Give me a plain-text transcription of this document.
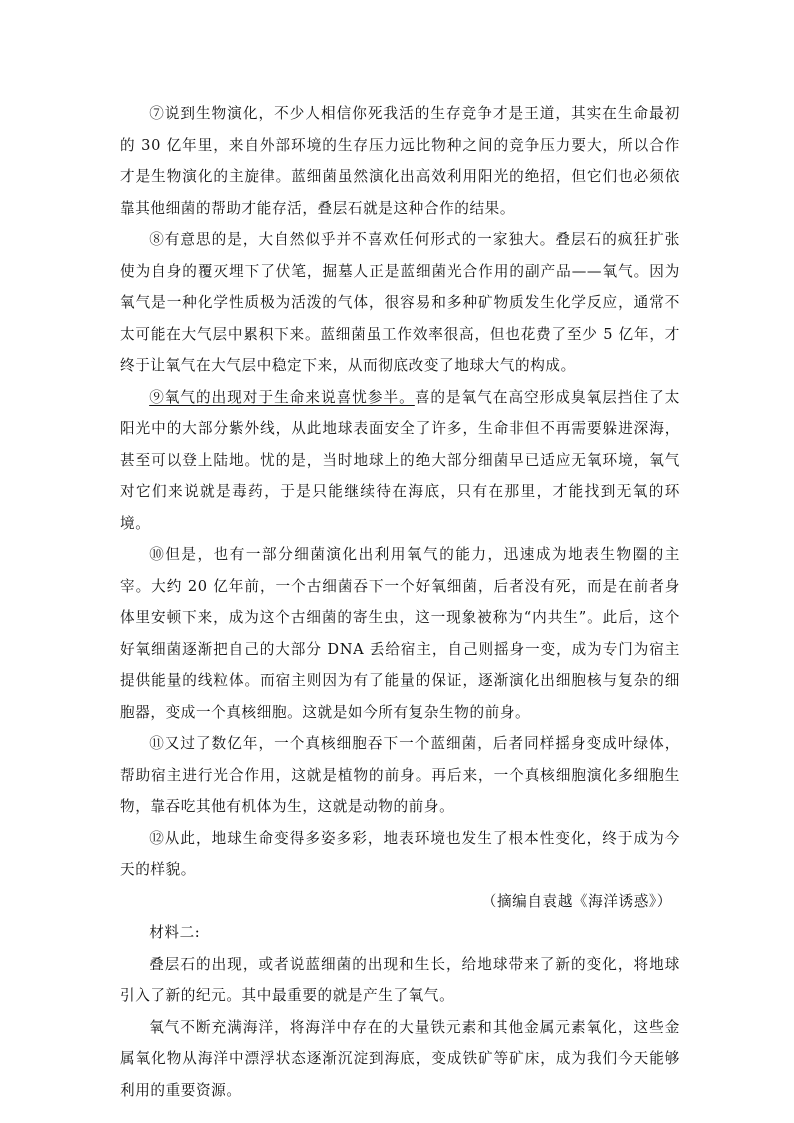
⑦说到生物演化，不少人相信你死我活的生存竞争才是王道，其实在生命最初的 30 亿年里，来自外部环境的生存压力远比物种之间的竞争压力要大，所以合作才是生物演化的主旋律。蓝细菌虽然演化出高效利用阳光的绝招，但它们也必须依靠其他细菌的帮助才能存活，叠层石就是这种合作的结果。

⑧有意思的是，大自然似乎并不喜欢任何形式的一家独大。叠层石的疯狂扩张使为自身的覆灭埋下了伏笔，掘墓人正是蓝细菌光合作用的副产品——氧气。因为氧气是一种化学性质极为活泼的气体，很容易和多种矿物质发生化学反应，通常不太可能在大气层中累积下来。蓝细菌虽工作效率很高，但也花费了至少 5 亿年，才终于让氧气在大气层中稳定下来，从而彻底改变了地球大气的构成。

⑨氧气的出现对于生命来说喜忧参半。喜的是氧气在高空形成臭氧层挡住了太阳光中的大部分紫外线，从此地球表面安全了许多，生命非但不再需要躲进深海，甚至可以登上陆地。忧的是，当时地球上的绝大部分细菌早已适应无氧环境，氧气对它们来说就是毒药，于是只能继续待在海底，只有在那里，才能找到无氧的环境。

⑩但是，也有一部分细菌演化出利用氧气的能力，迅速成为地表生物圈的主宰。大约 20 亿年前，一个古细菌吞下一个好氧细菌，后者没有死，而是在前者身体里安顿下来，成为这个古细菌的寄生虫，这一现象被称为“内共生”。此后，这个好氧细菌逐渐把自己的大部分 DNA 丢给宿主，自己则摇身一变，成为专门为宿主提供能量的线粒体。而宿主则因为有了能量的保证，逐渐演化出细胞核与复杂的细胞器，变成一个真核细胞。这就是如今所有复杂生物的前身。

⑪又过了数亿年，一个真核细胞吞下一个蓝细菌，后者同样摇身变成叶绿体，帮助宿主进行光合作用，这就是植物的前身。再后来，一个真核细胞演化多细胞生物，靠吞吃其他有机体为生，这就是动物的前身。

⑫从此，地球生命变得多姿多彩，地表环境也发生了根本性变化，终于成为今天的样貌。

（摘编自袁越《海洋诱惑》）

材料二:

叠层石的出现，或者说蓝细菌的出现和生长，给地球带来了新的变化，将地球引入了新的纪元。其中最重要的就是产生了氧气。

氧气不断充满海洋，将海洋中存在的大量铁元素和其他金属元素氧化，这些金属氧化物从海洋中漂浮状态逐渐沉淀到海底，变成铁矿等矿床，成为我们今天能够利用的重要资源。
